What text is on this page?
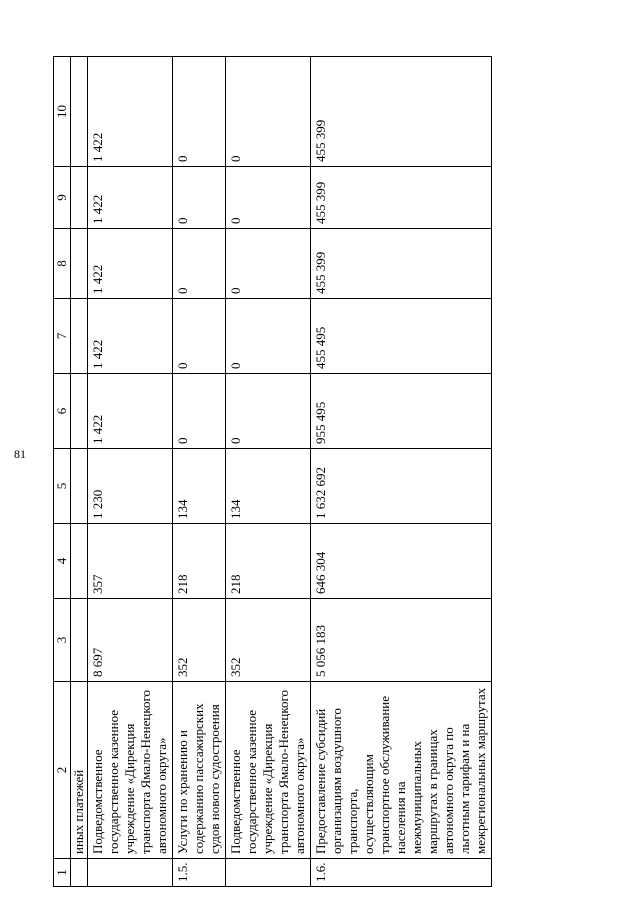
81
1	2	3	4	5	6	7	8	9	10
	иных платежей								
	Подведомственное государственное казенное учреждение «Дирекция транспорта Ямало-Ненецкого автономного округа»	8 697	357	1 230	1 422	1 422	1 422	1 422	1 422
1.5.	Услуги по хранению и содержанию пассажирских судов нового судостроения	352	218	134	0	0	0	0	0
	Подведомственное государственное казенное учреждение «Дирекция транспорта Ямало-Ненецкого автономного округа»	352	218	134	0	0	0	0	0
1.6.	Предоставление субсидий организациям воздушного транспорта, осуществляющим транспортное обслуживание населения на межмуниципальных маршрутах в границах автономного округа по льготным тарифам и на межрегиональных маршрутах	5 056 183	646 304	1 632 692	955 495	455 495	455 399	455 399	455 399
